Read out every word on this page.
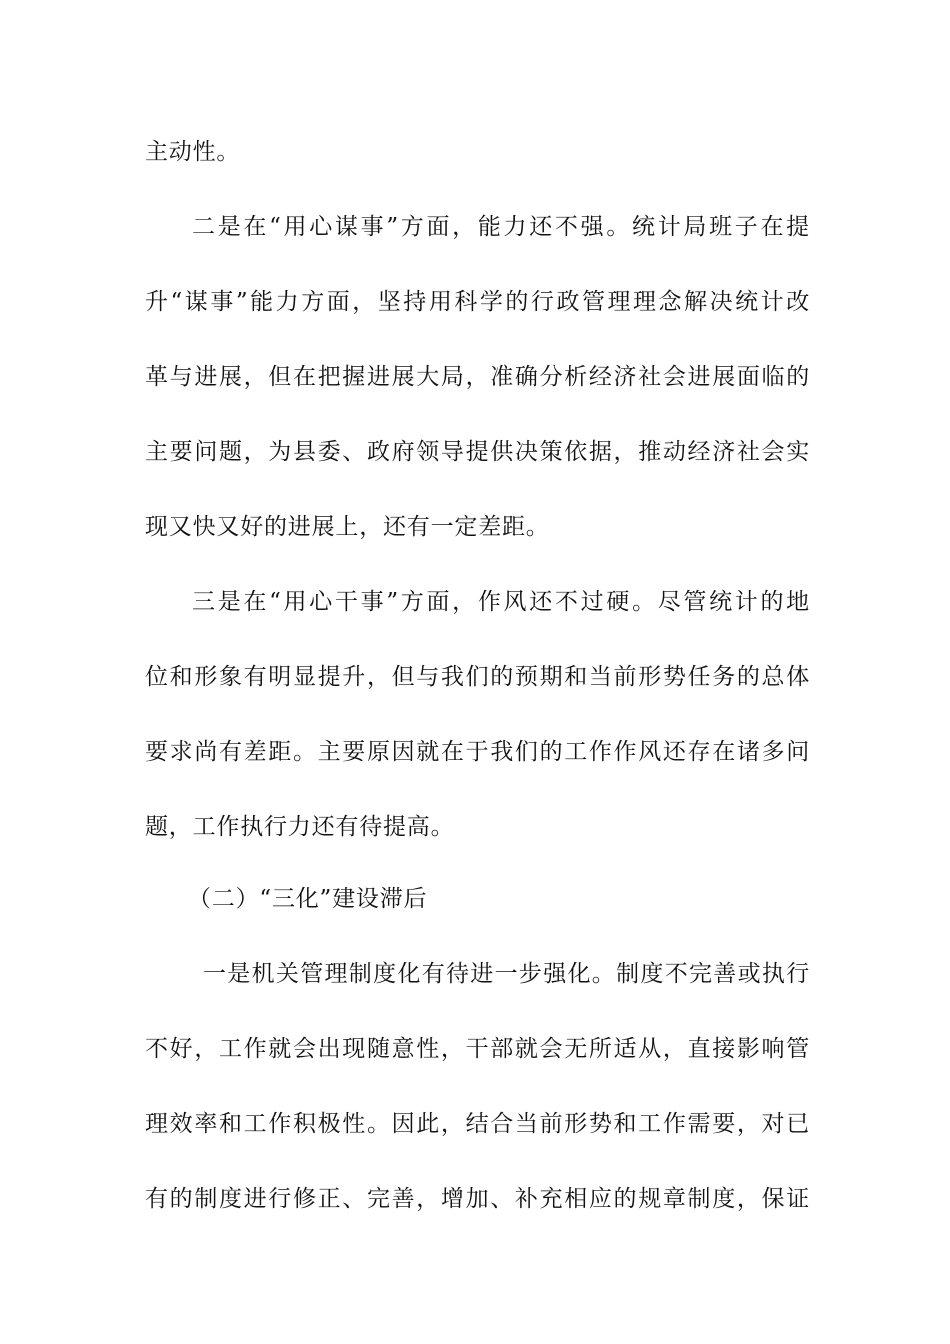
主动性。
二是在“用心谋事”方面，能力还不强。统计局班子在提
升“谋事”能力方面，坚持用科学的行政管理理念解决统计改
革与进展，但在把握进展大局，准确分析经济社会进展面临的
主要问题，为县委、政府领导提供决策依据，推动经济社会实
现又快又好的进展上，还有一定差距。
三是在“用心干事”方面，作风还不过硬。尽管统计的地
位和形象有明显提升，但与我们的预期和当前形势任务的总体
要求尚有差距。主要原因就在于我们的工作作风还存在诸多问
题，工作执行力还有待提高。
（二）“三化”建设滞后
一是机关管理制度化有待进一步强化。制度不完善或执行
不好，工作就会出现随意性，干部就会无所适从，直接影响管
理效率和工作积极性。因此，结合当前形势和工作需要，对已
有的制度进行修正、完善，增加、补充相应的规章制度，保证
